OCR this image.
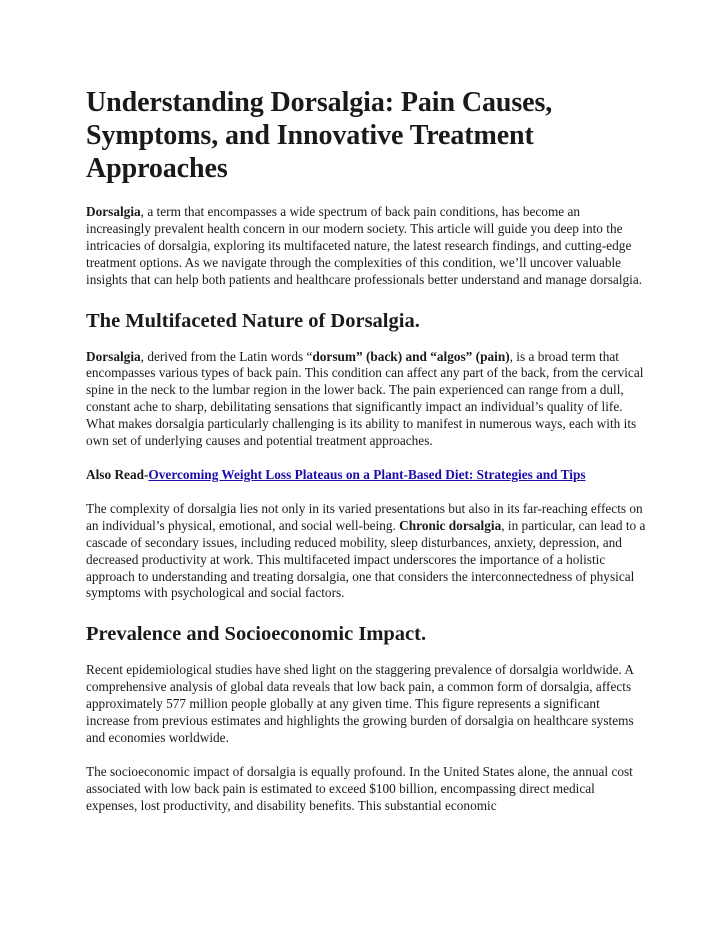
Understanding Dorsalgia: Pain Causes, Symptoms, and Innovative Treatment Approaches

Dorsalgia, a term that encompasses a wide spectrum of back pain conditions, has become an increasingly prevalent health concern in our modern society. This article will guide you deep into the intricacies of dorsalgia, exploring its multifaceted nature, the latest research findings, and cutting-edge treatment options. As we navigate through the complexities of this condition, we’ll uncover valuable insights that can help both patients and healthcare professionals better understand and manage dorsalgia.

The Multifaceted Nature of Dorsalgia.

Dorsalgia, derived from the Latin words “dorsum” (back) and “algos” (pain), is a broad term that encompasses various types of back pain. This condition can affect any part of the back, from the cervical spine in the neck to the lumbar region in the lower back. The pain experienced can range from a dull, constant ache to sharp, debilitating sensations that significantly impact an individual’s quality of life. What makes dorsalgia particularly challenging is its ability to manifest in numerous ways, each with its own set of underlying causes and potential treatment approaches.

Also Read-Overcoming Weight Loss Plateaus on a Plant-Based Diet: Strategies and Tips

The complexity of dorsalgia lies not only in its varied presentations but also in its far-reaching effects on an individual’s physical, emotional, and social well-being. Chronic dorsalgia, in particular, can lead to a cascade of secondary issues, including reduced mobility, sleep disturbances, anxiety, depression, and decreased productivity at work. This multifaceted impact underscores the importance of a holistic approach to understanding and treating dorsalgia, one that considers the interconnectedness of physical symptoms with psychological and social factors.

Prevalence and Socioeconomic Impact.

Recent epidemiological studies have shed light on the staggering prevalence of dorsalgia worldwide. A comprehensive analysis of global data reveals that low back pain, a common form of dorsalgia, affects approximately 577 million people globally at any given time. This figure represents a significant increase from previous estimates and highlights the growing burden of dorsalgia on healthcare systems and economies worldwide.

The socioeconomic impact of dorsalgia is equally profound. In the United States alone, the annual cost associated with low back pain is estimated to exceed $100 billion, encompassing direct medical expenses, lost productivity, and disability benefits. This substantial economic
